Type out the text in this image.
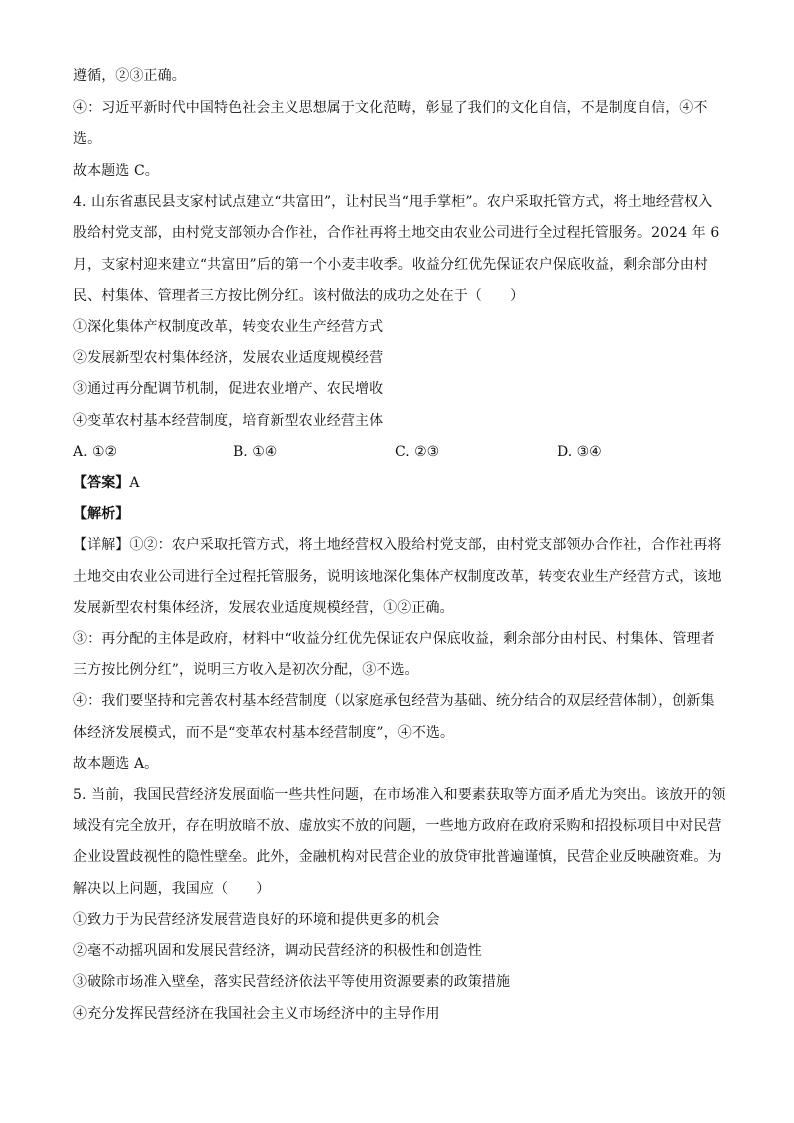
遵循，②③正确。
④：习近平新时代中国特色社会主义思想属于文化范畴，彰显了我们的文化自信，不是制度自信，④不
选。
故本题选 C。
4. 山东省惠民县支家村试点建立“共富田”，让村民当“甩手掌柜”。农户采取托管方式，将土地经营权入
股给村党支部，由村党支部领办合作社，合作社再将土地交由农业公司进行全过程托管服务。2024 年 6
月，支家村迎来建立“共富田”后的第一个小麦丰收季。收益分红优先保证农户保底收益，剩余部分由村
民、村集体、管理者三方按比例分红。该村做法的成功之处在于（　　）
①深化集体产权制度改革，转变农业生产经营方式
②发展新型农村集体经济，发展农业适度规模经营
③通过再分配调节机制，促进农业增产、农民增收
④变革农村基本经营制度，培育新型农业经营主体
A. ①②	B. ①④	C. ②③	D. ③④
【答案】A
【解析】
【详解】①②：农户采取托管方式，将土地经营权入股给村党支部，由村党支部领办合作社，合作社再将
土地交由农业公司进行全过程托管服务，说明该地深化集体产权制度改革，转变农业生产经营方式，该地
发展新型农村集体经济，发展农业适度规模经营，①②正确。
③：再分配的主体是政府，材料中“收益分红优先保证农户保底收益，剩余部分由村民、村集体、管理者
三方按比例分红”，说明三方收入是初次分配，③不选。
④：我们要坚持和完善农村基本经营制度（以家庭承包经营为基础、统分结合的双层经营体制），创新集
体经济发展模式，而不是“变革农村基本经营制度”，④不选。
故本题选 A。
5. 当前，我国民营经济发展面临一些共性问题，在市场准入和要素获取等方面矛盾尤为突出。该放开的领
域没有完全放开，存在明放暗不放、虚放实不放的问题，一些地方政府在政府采购和招投标项目中对民营
企业设置歧视性的隐性壁垒。此外，金融机构对民营企业的放贷审批普遍谨慎，民营企业反映融资难。为
解决以上问题，我国应（　　）
①致力于为民营经济发展营造良好的环境和提供更多的机会
②毫不动摇巩固和发展民营经济，调动民营经济的积极性和创造性
③破除市场准入壁垒，落实民营经济依法平等使用资源要素的政策措施
④充分发挥民营经济在我国社会主义市场经济中的主导作用
